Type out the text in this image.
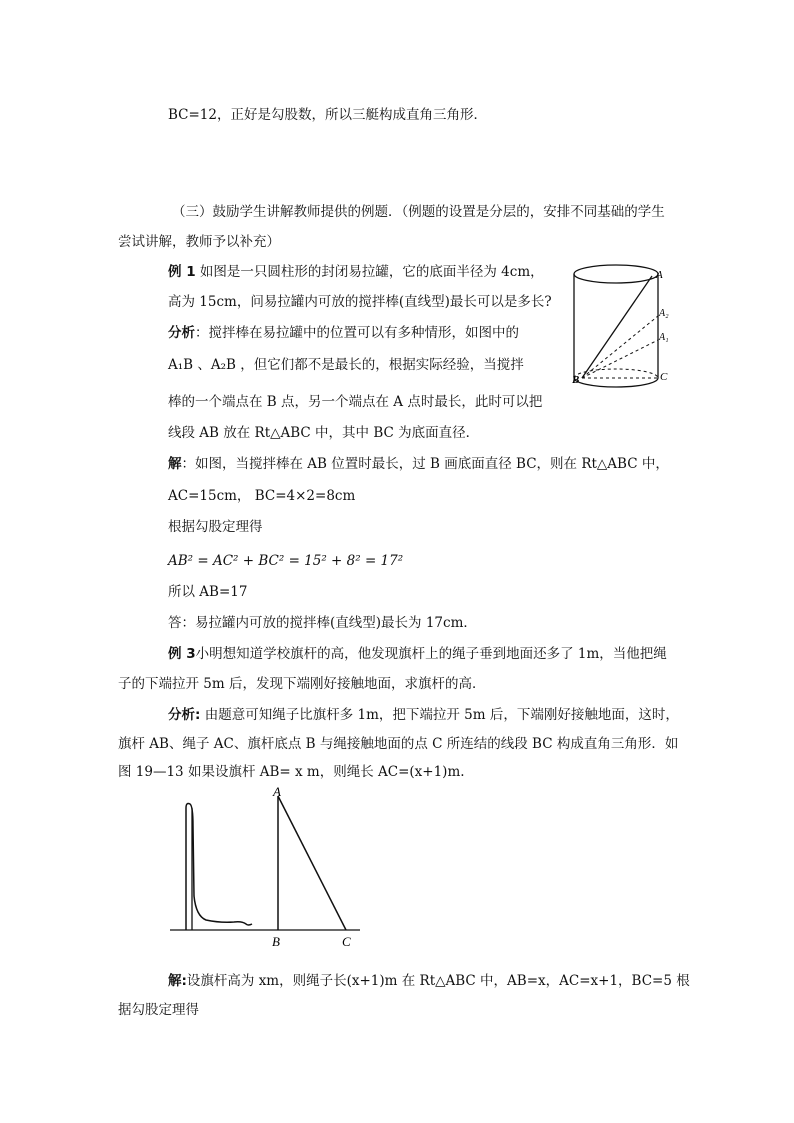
BC=12，正好是勾股数，所以三艇构成直角三角形．
（三）鼓励学生讲解教师提供的例题．（例题的设置是分层的，安排不同基础的学生
尝试讲解，教师予以补充）
例 1 如图是一只圆柱形的封闭易拉罐，它的底面半径为 4cm，
高为 15cm，问易拉罐内可放的搅拌棒(直线型)最长可以是多长?
分析：搅拌棒在易拉罐中的位置可以有多种情形，如图中的
A₁B 、A₂B ，但它们都不是最长的，根据实际经验，当搅拌
棒的一个端点在 B 点，另一个端点在 A 点时最长，此时可以把
线段 AB 放在 Rt△ABC 中，其中 BC 为底面直径．
解：如图，当搅拌棒在 AB 位置时最长，过 B 画底面直径 BC，则在 Rt△ABC 中，
AC=15cm， BC=4×2=8cm
根据勾股定理得
AB² = AC² + BC² = 15² + 8² = 17²
所以 AB=17
答：易拉罐内可放的搅拌棒(直线型)最长为 17cm．
例 3小明想知道学校旗杆的高，他发现旗杆上的绳子垂到地面还多了 1m，当他把绳
子的下端拉开 5m 后，发现下端刚好接触地面，求旗杆的高．
分析: 由题意可知绳子比旗杆多 1m，把下端拉开 5m 后，下端刚好接触地面，这时，
旗杆 AB、绳子 AC、旗杆底点 B 与绳接触地面的点 C 所连结的线段 BC 构成直角三角形．如
图 19—13 如果设旗杆 AB= x m，则绳长 AC=(x+1)m.
解:设旗杆高为 xm，则绳子长(x+1)m 在 Rt△ABC 中，AB=x，AC=x+1，BC=5 根
据勾股定理得
A
A₂
A₁
B	C
A
B	C
